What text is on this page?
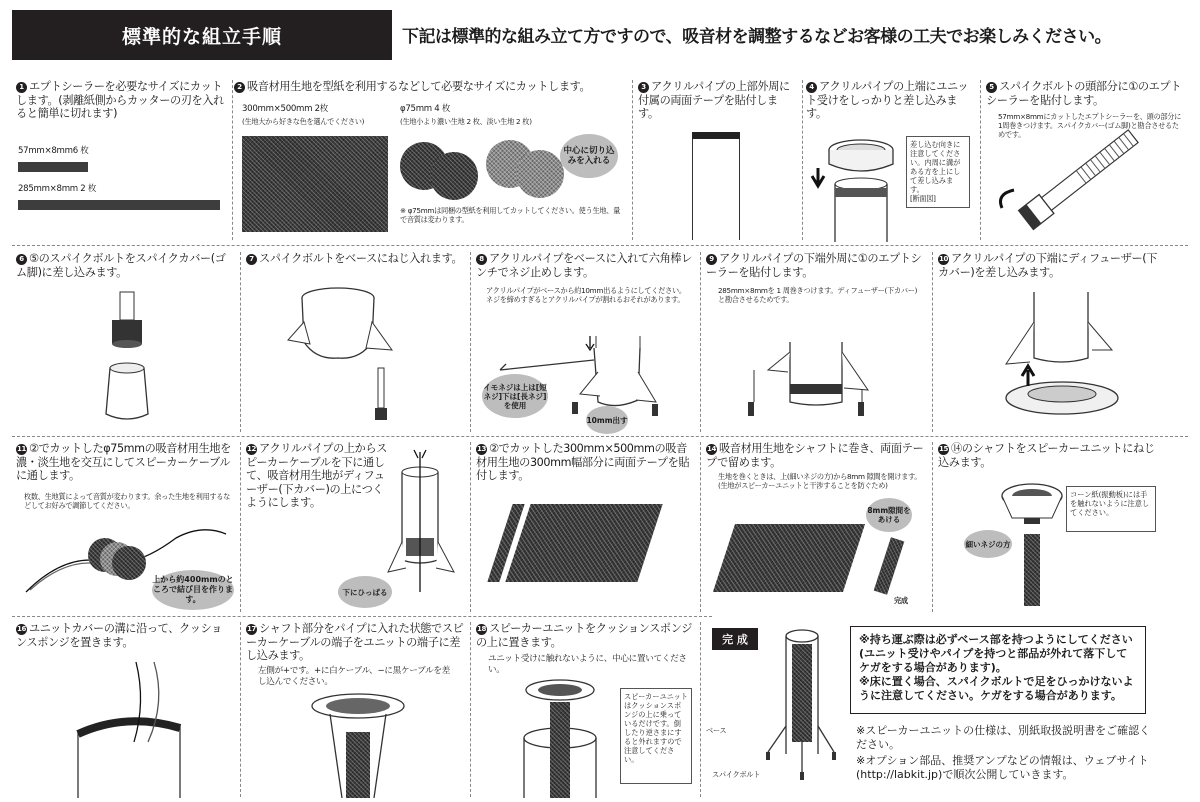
標準的な組立手順	下記は標準的な組み立て方ですので、吸音材を調整するなどお客様の工夫でお楽しみください。
1 エプトシーラーを必要なサイズにカットします。(剥離紙側からカッターの刃を入れると簡単に切れます)
57mm×8mm6 枚
285mm×8mm 2 枚
2 吸音材用生地を型紙を利用するなどして必要なサイズにカットします。
300mm×500mm 2枚
(生地大から好きな色を選んでください)
φ75mm 4 枚
(生地小より濃い生地 2 枚、淡い生地 2 枚)
中心に切り込みを入れる
※ φ75mmは同梱の型紙を利用してカットしてください。使う生地、量で音質は変わります。
3 アクリルパイプの上部外周に付属の両面テープを貼付します。
4 アクリルパイプの上端にユニット受けをしっかりと差し込みます。
差し込む向きに注意してください。内周に溝がある方を上にして差し込みます。
[断面図]
5 スパイクボルトの頭部分に①のエプトシーラーを貼付します。
57mm×8mmにカットしたエプトシーラーを、頭の部分に1周巻きつけます。スパイクカバー(ゴム脚)と勘合させるためです。
6 ⑤のスパイクボルトをスパイクカバー(ゴム脚)に差し込みます。
7 スパイクボルトをベースにねじ入れます。	8 アクリルパイプをベースに入れて六角棒レンチでネジ止めします。
アクリルパイプがベースから約10mm出るようにしてください。ネジを締めすぎるとアクリルパイプが割れるおそれがあります。
イモネジは上は[短ネジ]下は[長ネジ]を使用
10mm出す
9 アクリルパイプの下端外周に①のエプトシーラーを貼付します。
285mm×8mmを 1 周巻きつけます。ディフューザー(下カバー)と勘合させるためです。
10 アクリルパイプの下端にディフューザー(下カバー)を差し込みます。
11 ②でカットしたφ75mmの吸音材用生地を濃・淡生地を交互にしてスピーカーケーブルに通します。
枚数、生地質によって音質が変わります。余った生地を利用するなどしてお好みで調節してください。
上から約400mmのところで結び目を作ります。
12 アクリルパイプの上からスピーカーケーブルを下に通して、吸音材用生地がディフューザー(下カバー)の上につくようにします。
下にひっぱる
13 ②でカットした300mm×500mmの吸音材用生地の300mm幅部分に両面テープを貼付します。
14 吸音材用生地をシャフトに巻き、両面テープで留めます。
生地を巻くときは、上(細いネジの方)から8mm 隙間を開けます。(生地がスピーカーユニットと干渉することを防ぐため)
8mm隙間をあける
完成
15 ⑭のシャフトをスピーカーユニットにねじ込みます。
細いネジの方
コーン紙(振動板)には手を触れないように注意してください。
16 ユニットカバーの溝に沿って、クッションスポンジを置きます。
17 シャフト部分をパイプに入れた状態でスピーカーケーブルの端子をユニットの端子に差し込みます。
左側が+です。+に白ケーブル、−に黒ケーブルを差し込んでください。
18 スピーカーユニットをクッションスポンジの上に置きます。
ユニット受けに触れないように、中心に置いてください。
スピーカーユニットはクッションスポンジの上に乗っているだけです。倒したり逆さまにすると外れますので注意してください。
完 成
ベース
スパイクボルト
※持ち運ぶ際は必ずベース部を持つようにしてください(ユニット受けやパイプを持つと部品が外れて落下してケガをする場合があります)。
※床に置く場合、スパイクボルトで足をひっかけないように注意してください。ケガをする場合があります。
※スピーカーユニットの仕様は、別紙取扱説明書をご確認ください。
※オプション部品、推奨アンプなどの情報は、ウェブサイト(http://labkit.jp)で順次公開していきます。
